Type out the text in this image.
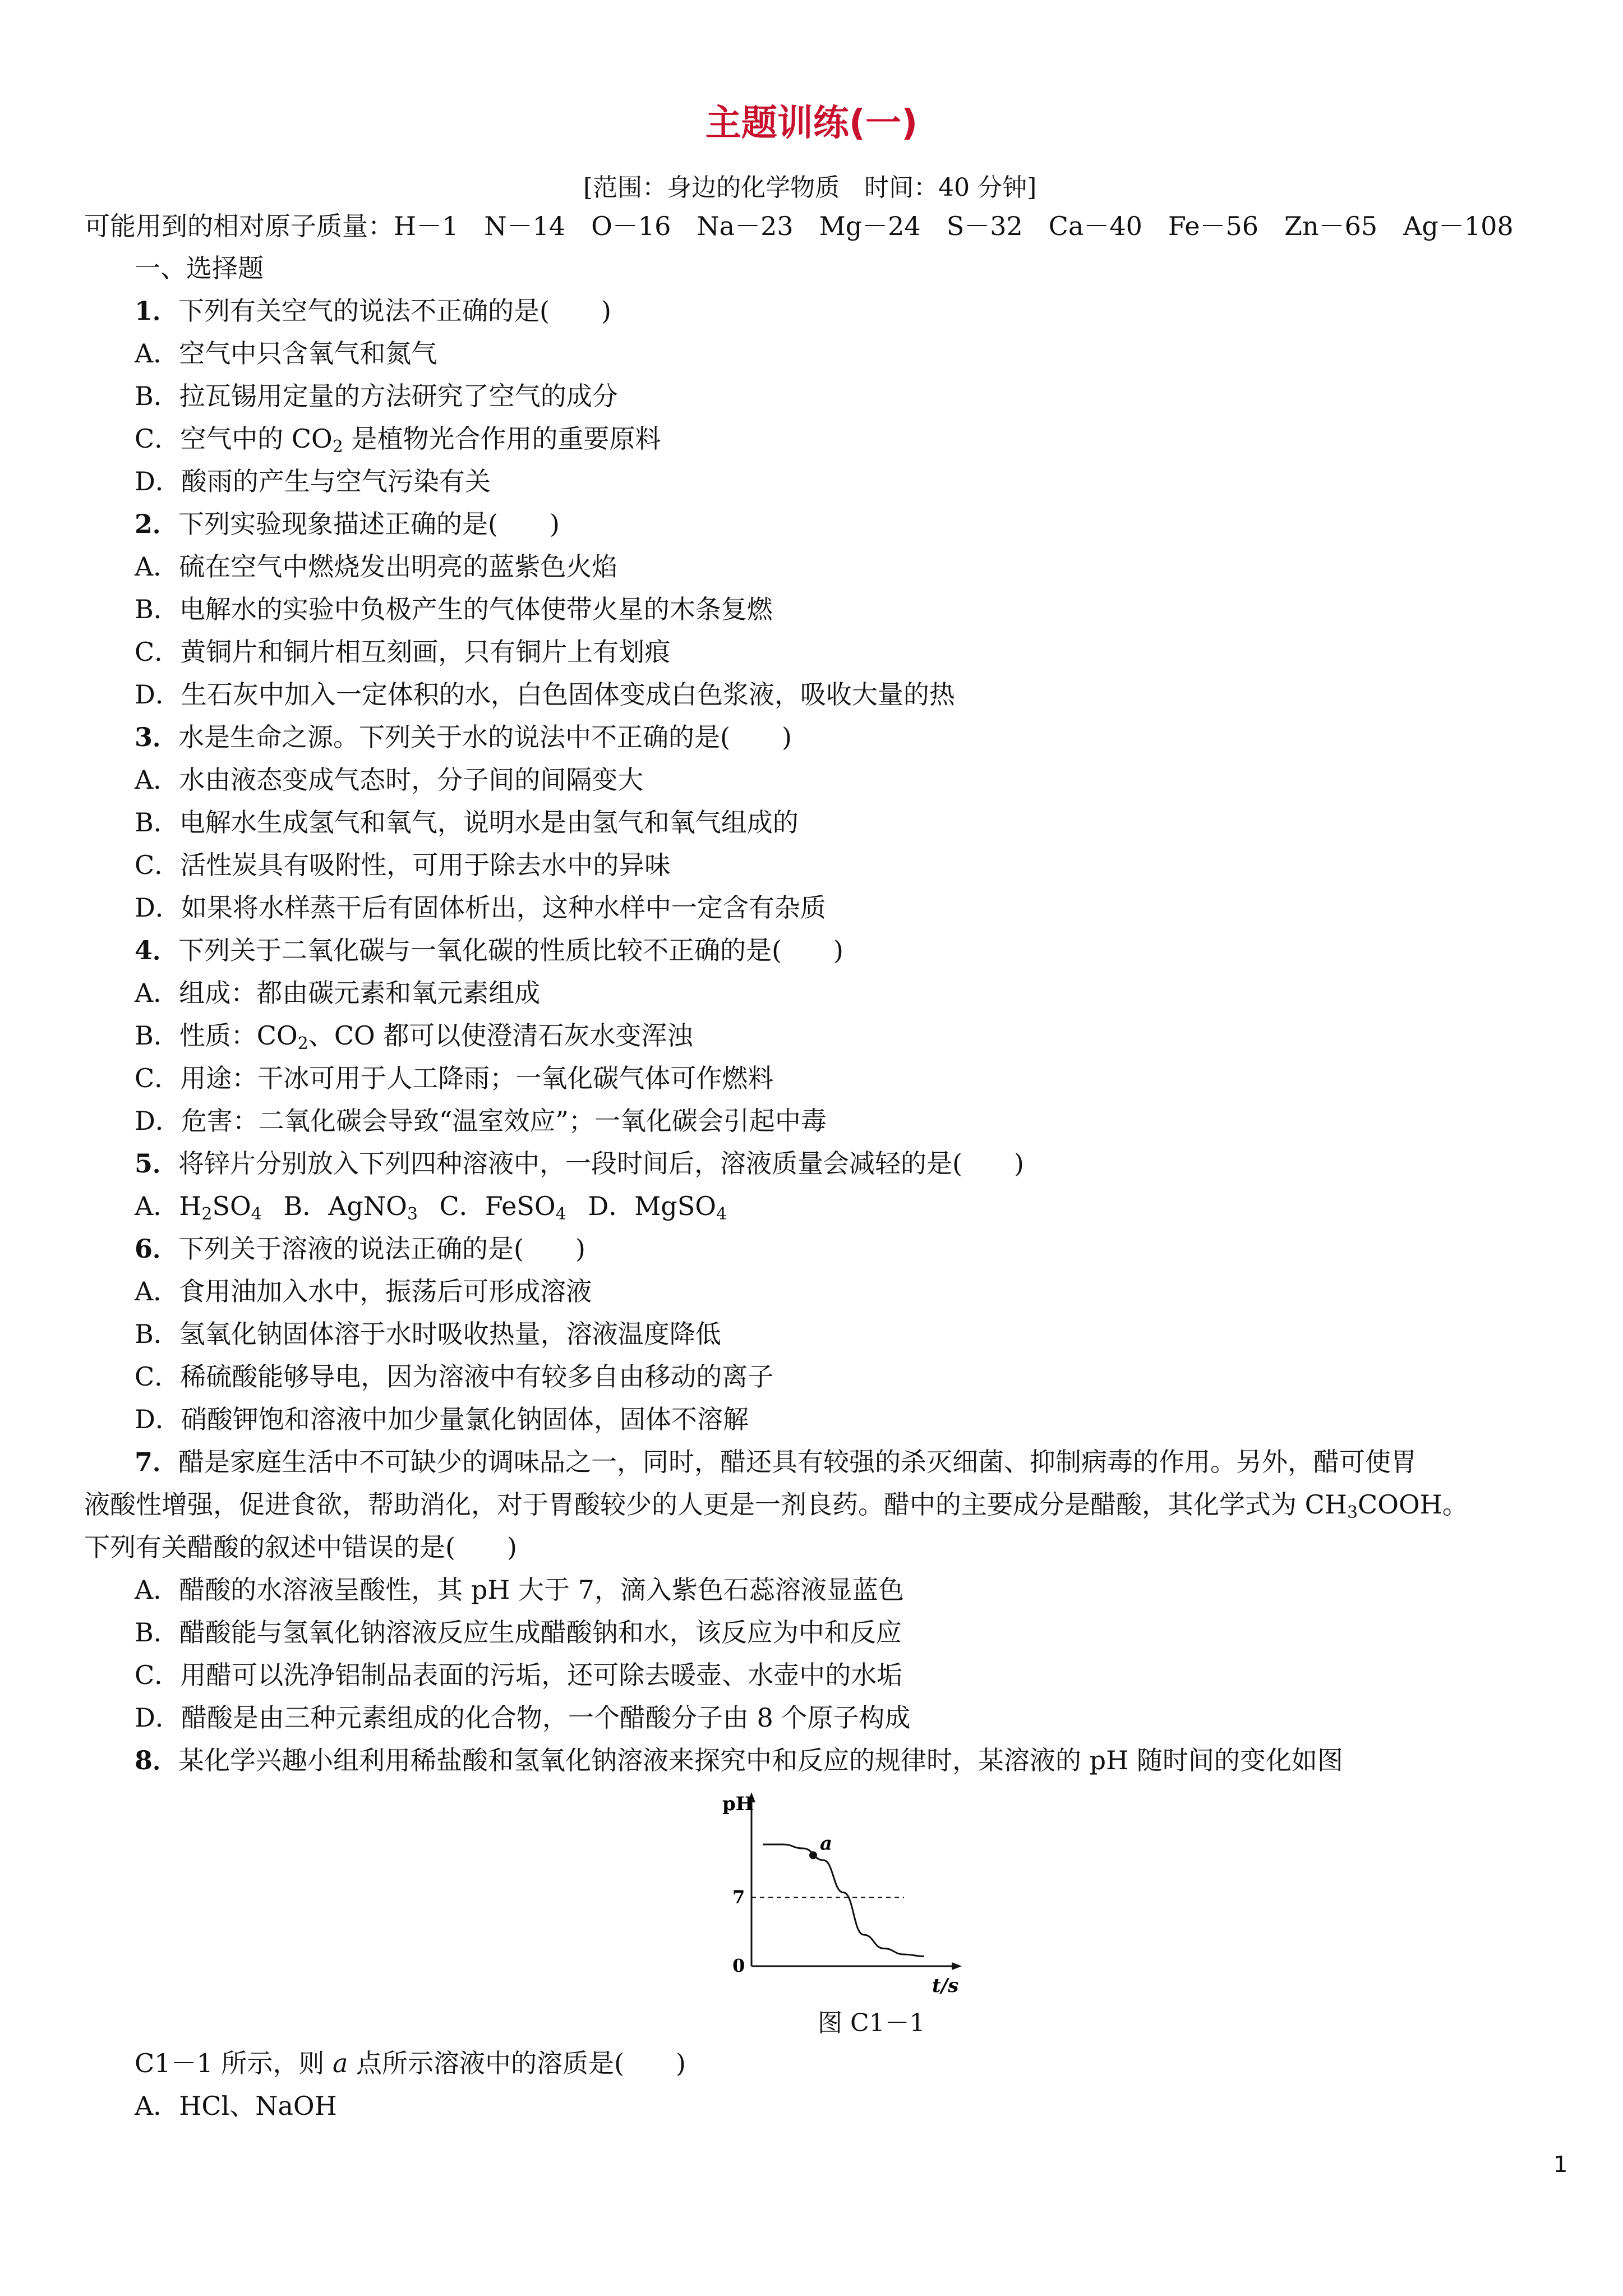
主题训练(一)
[范围：身边的化学物质　时间：40 分钟]
可能用到的相对原子质量：H－1　N－14　O－16　Na－23　Mg－24　S－32　Ca－40　Fe－56　Zn－65　Ag－108
一、选择题
1．下列有关空气的说法不正确的是(　　)
A．空气中只含氧气和氮气
B．拉瓦锡用定量的方法研究了空气的成分
C．空气中的 $CO_2$ 是植物光合作用的重要原料
D．酸雨的产生与空气污染有关
2．下列实验现象描述正确的是(　　)
A．硫在空气中燃烧发出明亮的蓝紫色火焰
B．电解水的实验中负极产生的气体使带火星的木条复燃
C．黄铜片和铜片相互刻画，只有铜片上有划痕
D．生石灰中加入一定体积的水，白色固体变成白色浆液，吸收大量的热
3．水是生命之源。下列关于水的说法中不正确的是(　　)
A．水由液态变成气态时，分子间的间隔变大
B．电解水生成氢气和氧气，说明水是由氢气和氧气组成的
C．活性炭具有吸附性，可用于除去水中的异味
D．如果将水样蒸干后有固体析出，这种水样中一定含有杂质
4．下列关于二氧化碳与一氧化碳的性质比较不正确的是(　　)
A．组成：都由碳元素和氧元素组成
B．性质：$CO_2$、CO 都可以使澄清石灰水变浑浊
C．用途：干冰可用于人工降雨；一氧化碳气体可作燃料
D．危害：二氧化碳会导致“温室效应”；一氧化碳会引起中毒
5．将锌片分别放入下列四种溶液中，一段时间后，溶液质量会减轻的是(　　)
A．$H_2SO_4$ B．AgNO$_3$ C．FeSO$_4$ D．MgSO$_4$
6．下列关于溶液的说法正确的是(　　)
A．食用油加入水中，振荡后可形成溶液
B．氢氧化钠固体溶于水时吸收热量，溶液温度降低
C．稀硫酸能够导电，因为溶液中有较多自由移动的离子
D．硝酸钾饱和溶液中加少量氯化钠固体，固体不溶解
7．醋是家庭生活中不可缺少的调味品之一，同时，醋还具有较强的杀灭细菌、抑制病毒的作用。另外，醋可使胃
液酸性增强，促进食欲，帮助消化，对于胃酸较少的人更是一剂良药。醋中的主要成分是醋酸，其化学式为 $CH_3COOH$。
下列有关醋酸的叙述中错误的是(　　)
A．醋酸的水溶液呈酸性，其 pH 大于 7，滴入紫色石蕊溶液显蓝色
B．醋酸能与氢氧化钠溶液反应生成醋酸钠和水，该反应为中和反应
C．用醋可以洗净铝制品表面的污垢，还可除去暖壶、水壶中的水垢
D．醋酸是由三种元素组成的化合物，一个醋酸分子由 8 个原子构成
8．某化学兴趣小组利用稀盐酸和氢氧化钠溶液来探究中和反应的规律时，某溶液的 pH 随时间的变化如图
pH
t/s
0
7
a
图 C1－1
C1－1 所示，则 a 点所示溶液中的溶质是(　　)
A．HCl、NaOH
1
